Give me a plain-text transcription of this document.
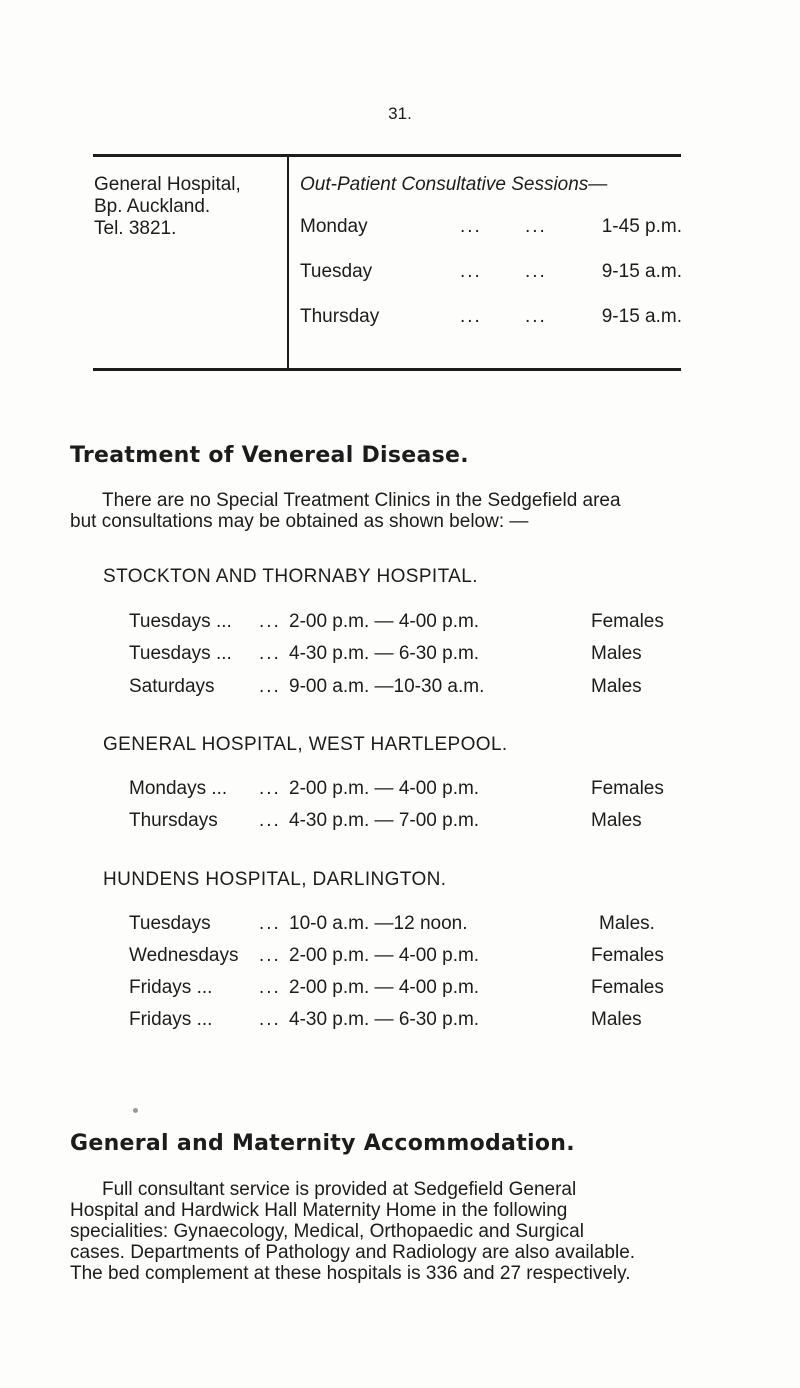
31.
General Hospital,
Bp. Auckland.
Tel. 3821.
Out-Patient Consultative Sessions—
Monday	... ...	1-45 p.m.
Tuesday	... ...	9-15 a.m.
Thursday	... ...	9-15 a.m.
Treatment of Venereal Disease.
There are no Special Treatment Clinics in the Sedgefield area
but consultations may be obtained as shown below: —
STOCKTON AND THORNABY HOSPITAL.
Tuesdays ... ... 2-00 p.m. — 4-00 p.m.	Females
Tuesdays ... ... 4-30 p.m. — 6-30 p.m.	Males
Saturdays ... 9-00 a.m. —10-30 a.m.	Males
GENERAL HOSPITAL, WEST HARTLEPOOL.
Mondays ... ... 2-00 p.m. — 4-00 p.m.	Females
Thursdays ... 4-30 p.m. — 7-00 p.m.	Males
HUNDENS HOSPITAL, DARLINGTON.
Tuesdays	... 10-0 a.m. —12 noon.	Males.
Wednesdays ... 2-00 p.m. — 4-00 p.m.	Females
Fridays ... ... 2-00 p.m. — 4-00 p.m.	Females
Fridays ... ... 4-30 p.m. — 6-30 p.m.	Males
General and Maternity Accommodation.
Full consultant service is provided at Sedgefield General
Hospital and Hardwick Hall Maternity Home in the following
specialities: Gynaecology, Medical, Orthopaedic and Surgical
cases. Departments of Pathology and Radiology are also available.
The bed complement at these hospitals is 336 and 27 respectively.
